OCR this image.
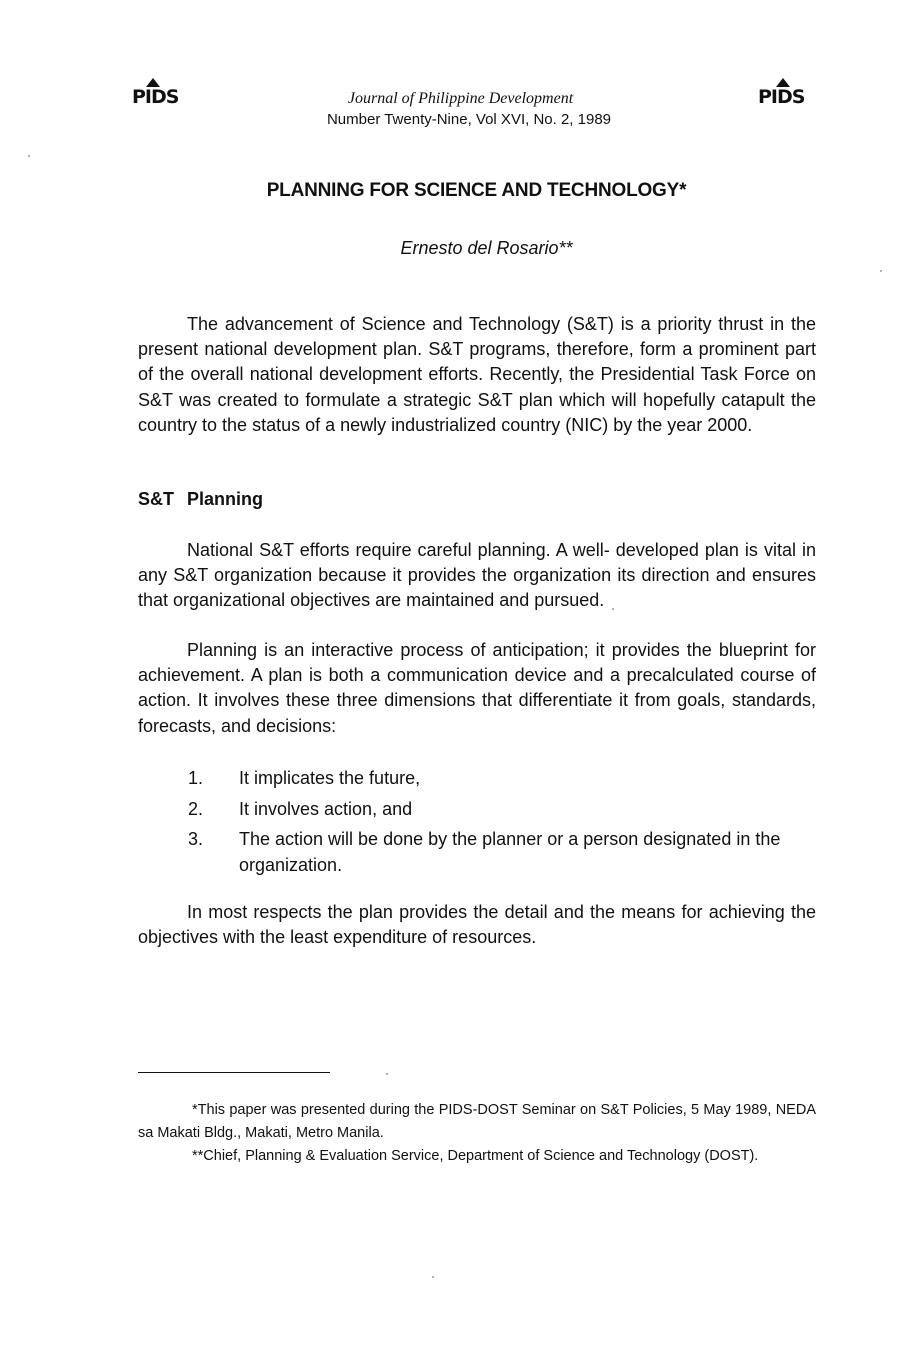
PIDS	PIDS
Journal of Philippine Development
Number Twenty-Nine, Vol XVI, No. 2, 1989
PLANNING FOR SCIENCE AND TECHNOLOGY*
Ernesto del Rosario**

The advancement of Science and Technology (S&T) is a priority thrust in the present national development plan. S&T programs, therefore, form a prominent part of the overall national development efforts. Recently, the Presidential Task Force on S&T was created to formulate a strategic S&T plan which will hopefully catapult the country to the status of a newly industrialized country (NIC) by the year 2000.

S&T Planning

National S&T efforts require careful planning. A well- developed plan is vital in any S&T organization because it provides the organization its direction and ensures that organizational objectives are maintained and pursued.

Planning is an interactive process of anticipation; it provides the blueprint for achievement. A plan is both a communication device and a precalculated course of action. It involves these three dimensions that differentiate it from goals, standards, forecasts, and decisions:

1. It implicates the future,
2. It involves action, and
3. The action will be done by the planner or a person designated in the organization.

In most respects the plan provides the detail and the means for achieving the objectives with the least expenditure of resources.

*This paper was presented during the PIDS-DOST Seminar on S&T Policies, 5 May 1989, NEDA sa Makati Bldg., Makati, Metro Manila.

**Chief, Planning & Evaluation Service, Department of Science and Technology (DOST).
